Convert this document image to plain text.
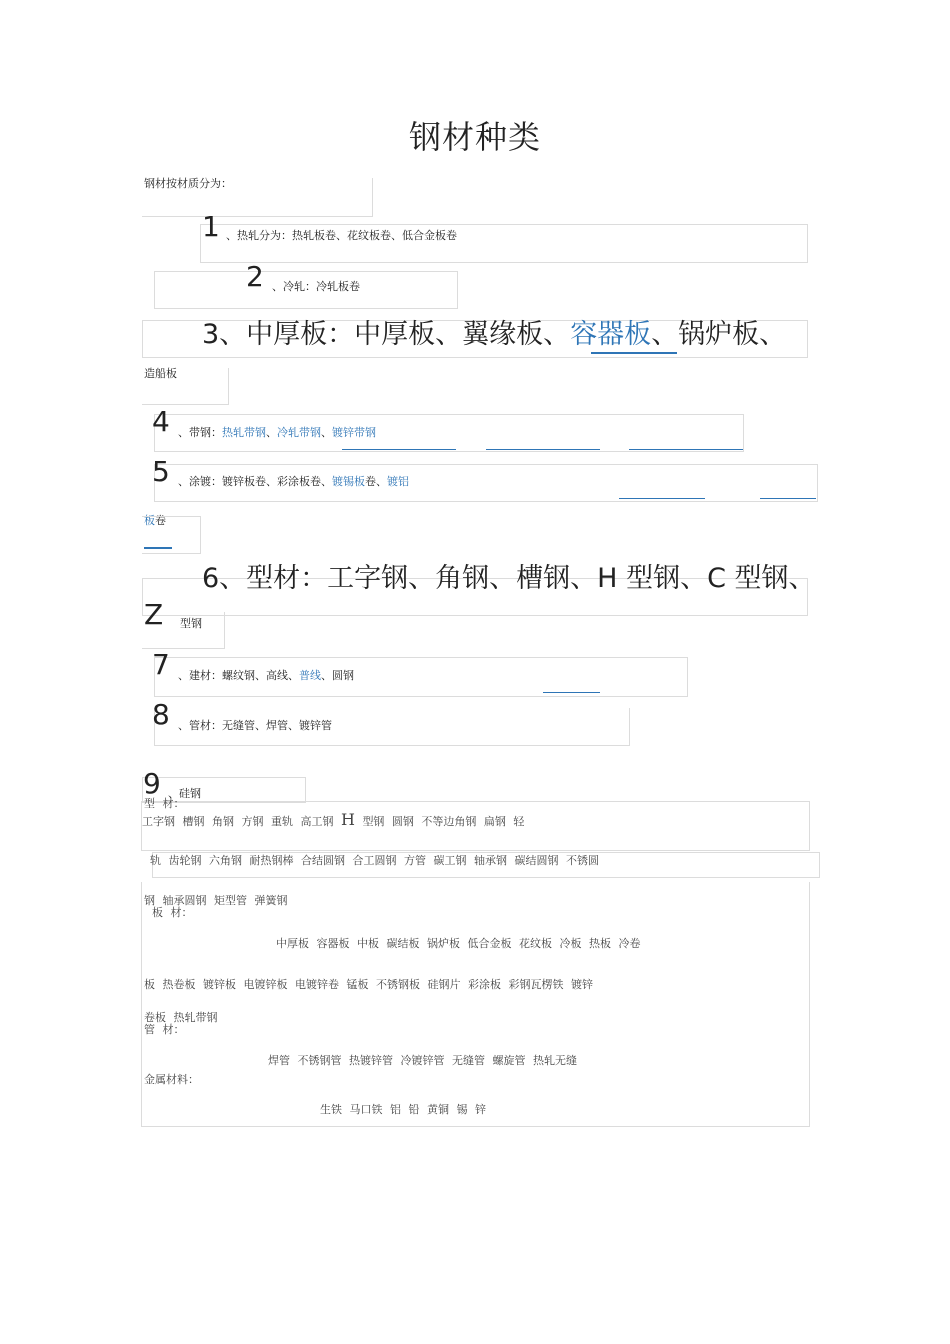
钢材种类
钢材按材质分为：
1 、热轧分为：热轧板卷、花纹板卷、低合金板卷
2 、冷轧：冷轧板卷
3、中厚板：中厚板、翼缘板、容器板、锅炉板、
造船板
4 、带钢：热轧带钢、冷轧带钢、镀锌带钢
5 、涂镀：镀锌板卷、彩涂板卷、镀锡板卷、镀铝
板卷
6、型材：工字钢、角钢、槽钢、H 型钢、C 型钢、
Z 型钢
7 、建材：螺纹钢、高线、普线、圆钢
8 、管材：无缝管、焊管、镀锌管
9 、硅钢
型 材：
工字钢 槽钢 角钢 方钢 重轨 高工钢 H 型钢 圆钢 不等边角钢 扁钢 轻
轨 齿轮钢 六角钢 耐热钢棒 合结圆钢 合工圆钢 方管 碳工钢 轴承钢 碳结圆钢 不锈圆
钢 轴承圆钢 矩型管 弹簧钢
板 材：
中厚板 容器板 中板 碳结板 锅炉板 低合金板 花纹板 冷板 热板 冷卷
板 热卷板 镀锌板 电镀锌板 电镀锌卷 锰板 不锈钢板 硅钢片 彩涂板 彩钢瓦楞铁 镀锌
卷板 热轧带钢
管 材：
焊管 不锈钢管 热镀锌管 冷镀锌管 无缝管 螺旋管 热轧无缝
金属材料：
生铁 马口铁 铝 铅 黄铜 锡 锌
